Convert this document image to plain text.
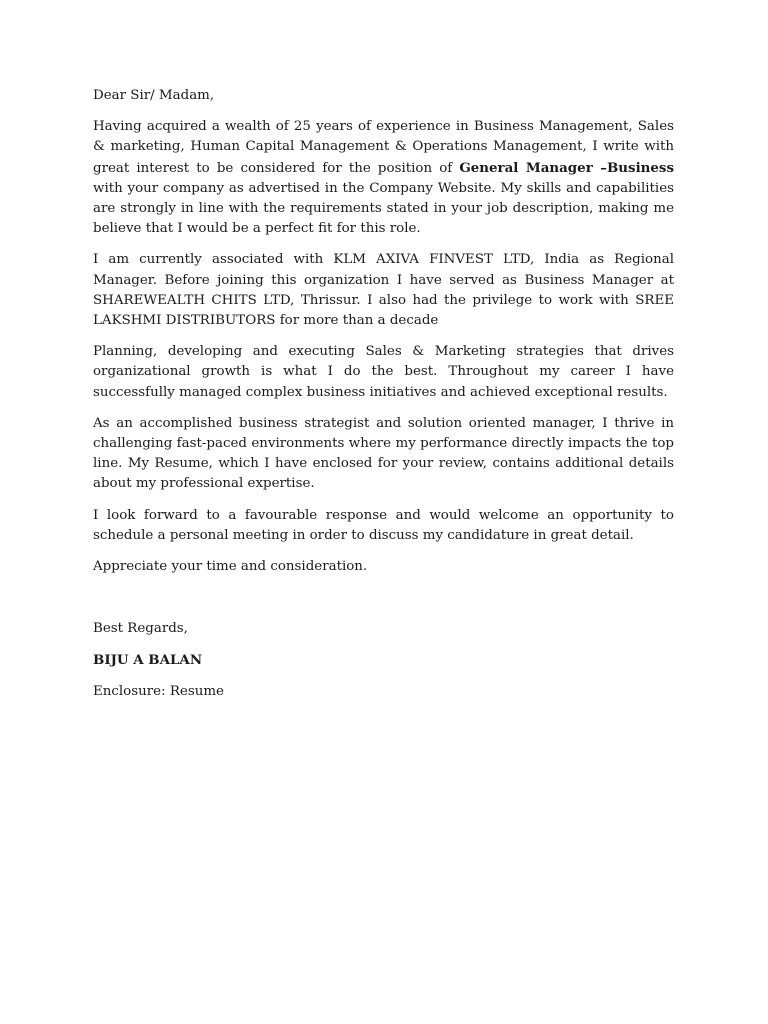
Dear Sir/ Madam,

Having acquired a wealth of 25 years of experience in Business Management, Sales & marketing, Human Capital Management & Operations Management, I write with great interest to be considered for the position of General Manager –Business with your company as advertised in the Company Website. My skills and capabilities are strongly in line with the requirements stated in your job description, making me believe that I would be a perfect fit for this role.

I am currently associated with KLM AXIVA FINVEST LTD, India as Regional Manager. Before joining this organization I have served as Business Manager at SHAREWEALTH CHITS LTD, Thrissur. I also had the privilege to work with SREE LAKSHMI DISTRIBUTORS for more than a decade

Planning, developing and executing Sales & Marketing strategies that drives organizational growth is what I do the best. Throughout my career I have successfully managed complex business initiatives and achieved exceptional results.

As an accomplished business strategist and solution oriented manager, I thrive in challenging fast-paced environments where my performance directly impacts the top line. My Resume, which I have enclosed for your review, contains additional details about my professional expertise.

I look forward to a favourable response and would welcome an opportunity to schedule a personal meeting in order to discuss my candidature in great detail.

Appreciate your time and consideration.

Best Regards,

BIJU A BALAN

Enclosure: Resume
